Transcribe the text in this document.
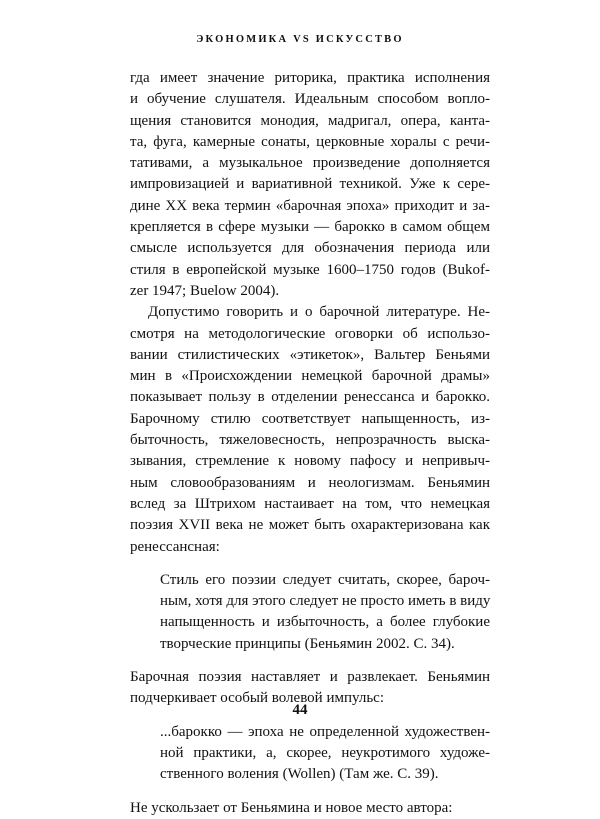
ЭКОНОМИКА VS ИСКУССТВО
гда имеет значение риторика, практика исполнения
и обучение слушателя. Идеальным способом вопло-
щения становится монодия, мадригал, опера, канта-
та, фуга, камерные сонаты, церковные хоралы с речи-
тативами, а музыкальное произведение дополняется
импровизацией и вариативной техникой. Уже к сере-
дине XX века термин «барочная эпоха» приходит и за-
крепляется в сфере музыки — барокко в самом общем
смысле используется для обозначения периода или
стиля в европейской музыке 1600–1750 годов (Bukof-
zer 1947; Buelow 2004).
Допустимо говорить и о барочной литературе. Не-
смотря на методологические оговорки об использо-
вании стилистических «этикеток», Вальтер Беньями
мин в «Происхождении немецкой барочной драмы»
показывает пользу в отделении ренессанса и барокко.
Барочному стилю соответствует напыщенность, из-
быточность, тяжеловесность, непрозрачность выска-
зывания, стремление к новому пафосу и непривыч-
ным словообразованиям и неологизмам. Беньямин
вслед за Штрихом настаивает на том, что немецкая
поэзия XVII века не может быть охарактеризована как
ренессансная:
Стиль его поэзии следует считать, скорее, бароч-
ным, хотя для этого следует не просто иметь в виду
напыщенность и избыточность, а более глубокие
творческие принципы (Беньямин 2002. С. 34).
Барочная поэзия наставляет и развлекает. Беньямин
подчеркивает особый волевой импульс:
...барокко — эпоха не определенной художествен-
ной практики, а, скорее, неукротимого художе-
ственного воления (Wollen) (Там же. С. 39).
Не ускользает от Беньямина и новое место автора:
44
